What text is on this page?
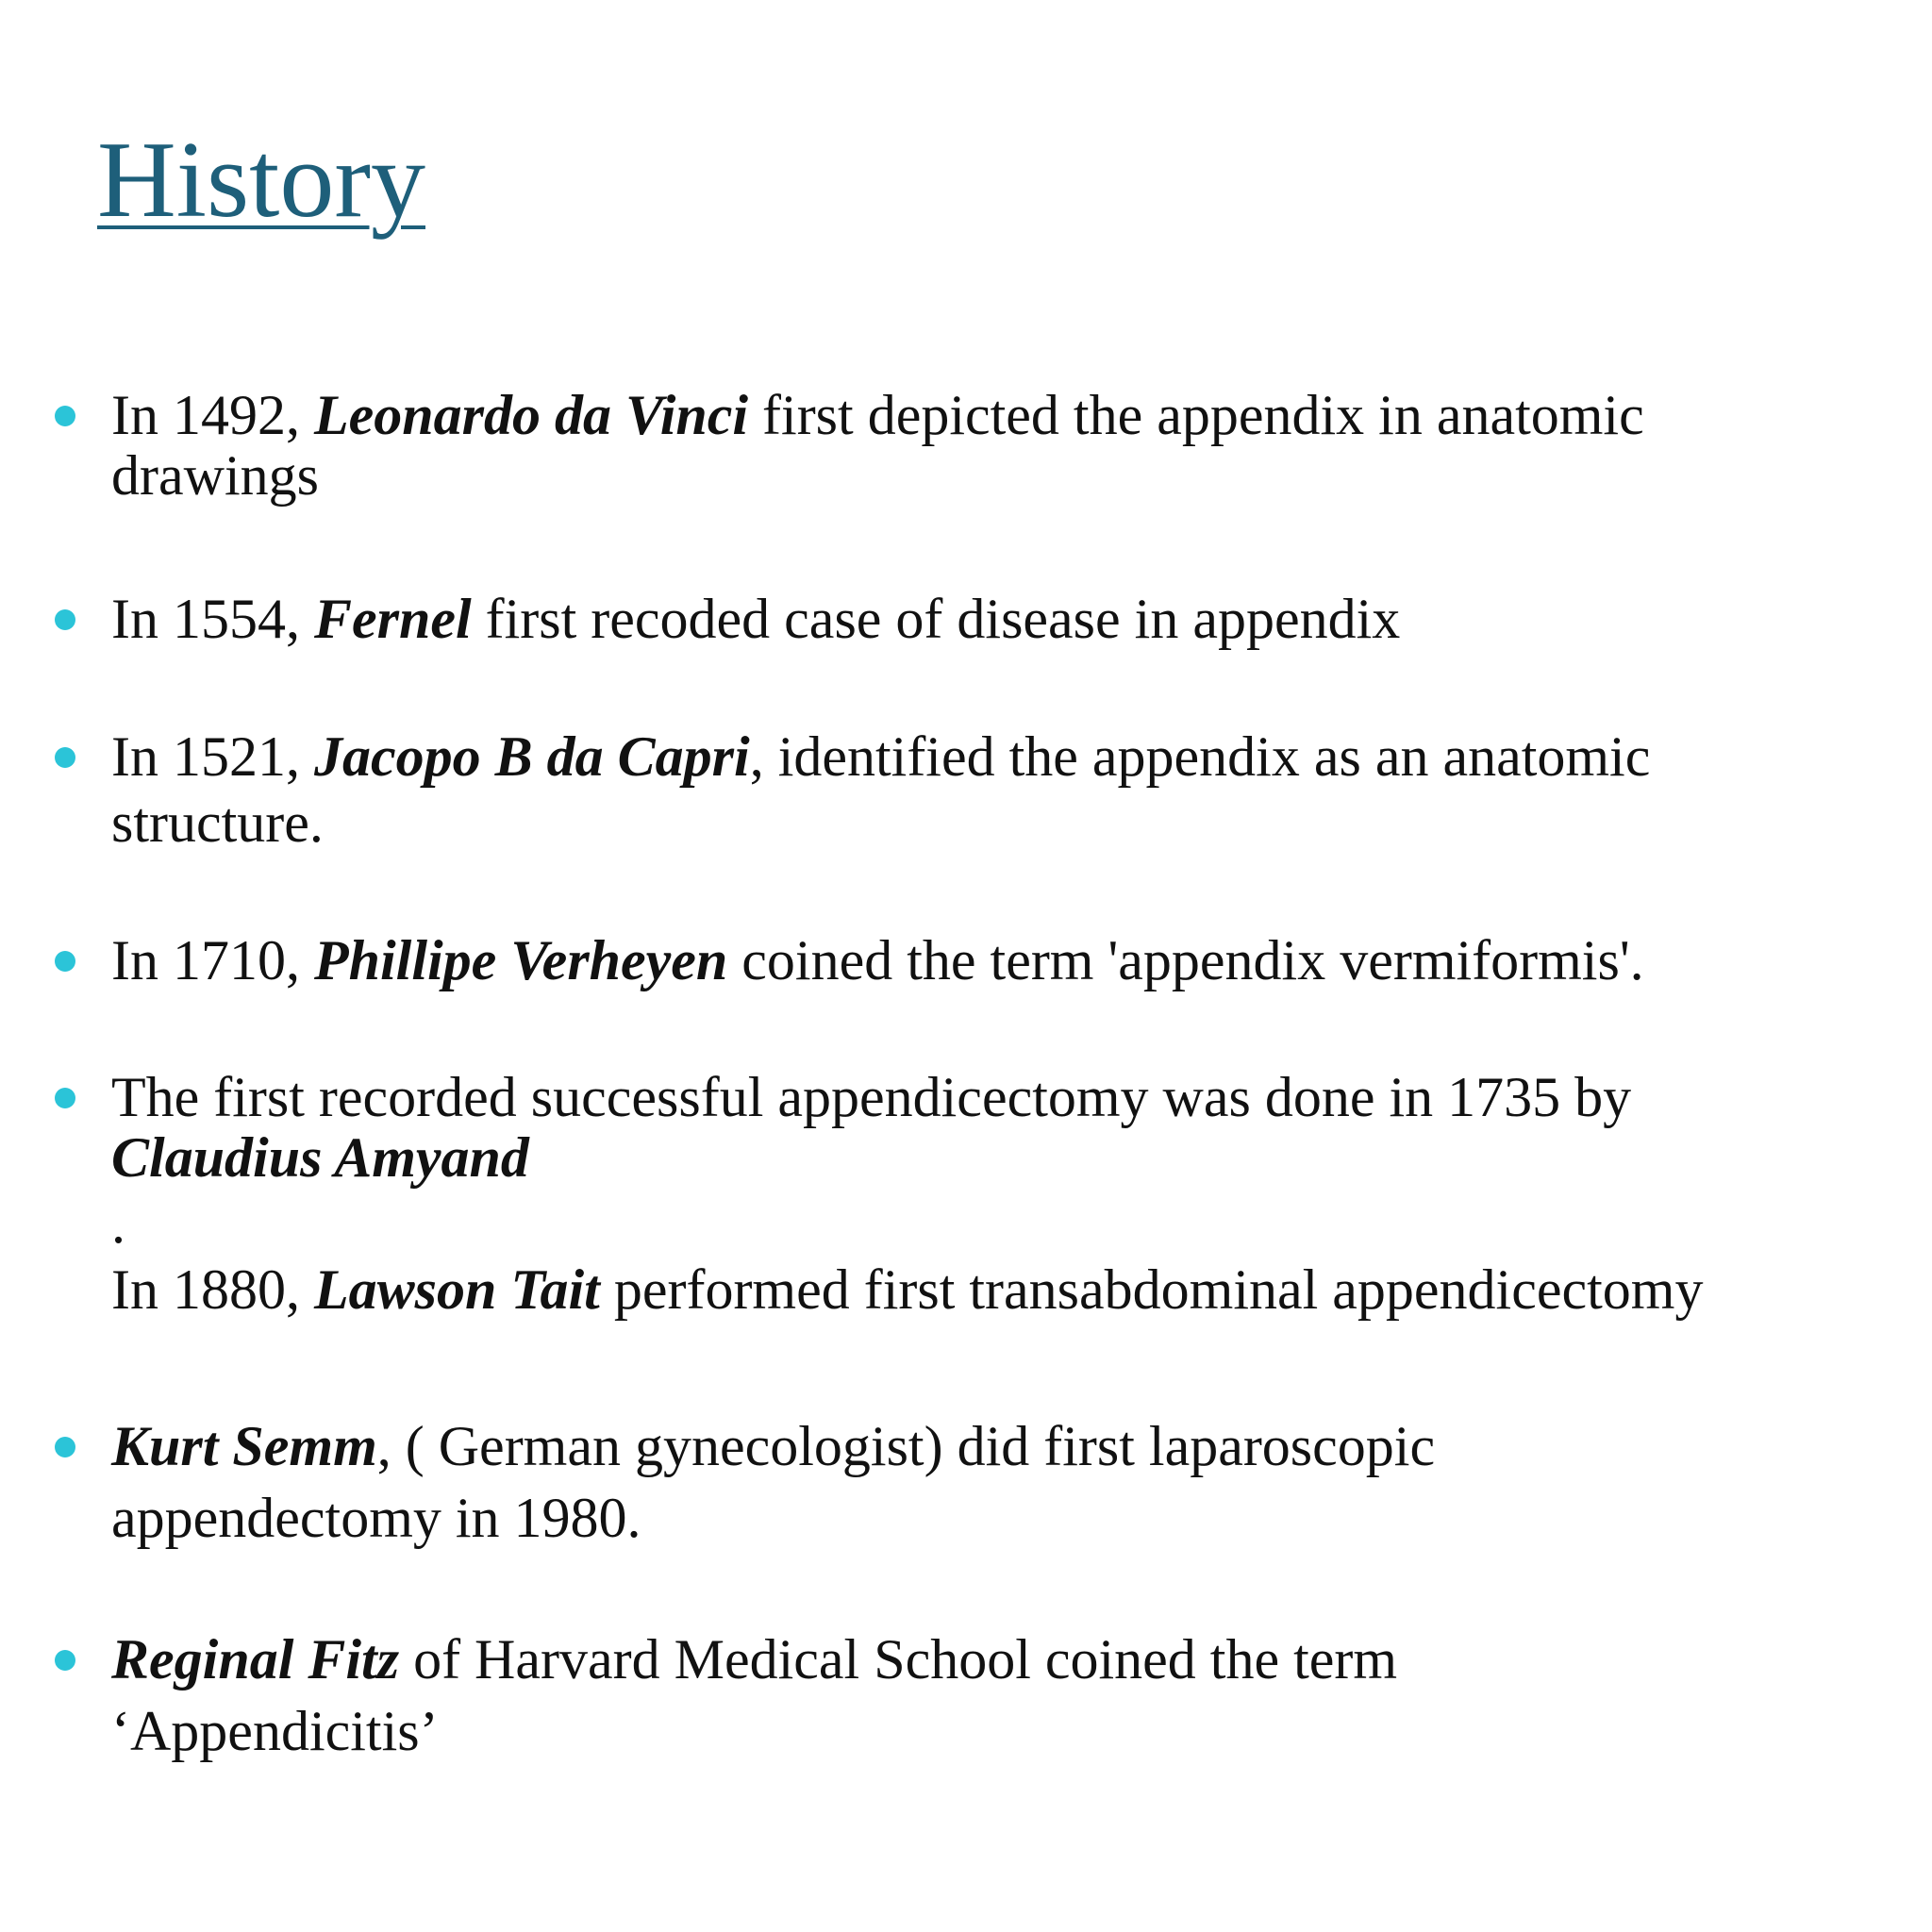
History
In 1492, Leonardo da Vinci first depicted the appendix in anatomic
drawings
In 1554, Fernel first recoded case of disease in appendix
In 1521, Jacopo B da Capri, identified the appendix as an anatomic
structure.
In 1710, Phillipe Verheyen coined the term 'appendix vermiformis'.
The first recorded successful appendicectomy was done in 1735 by
Claudius Amyand
.
In 1880, Lawson Tait performed first transabdominal appendicectomy
Kurt Semm, ( German gynecologist) did first laparoscopic
appendectomy in 1980.
Reginal Fitz of Harvard Medical School coined the term
‘Appendicitis’
